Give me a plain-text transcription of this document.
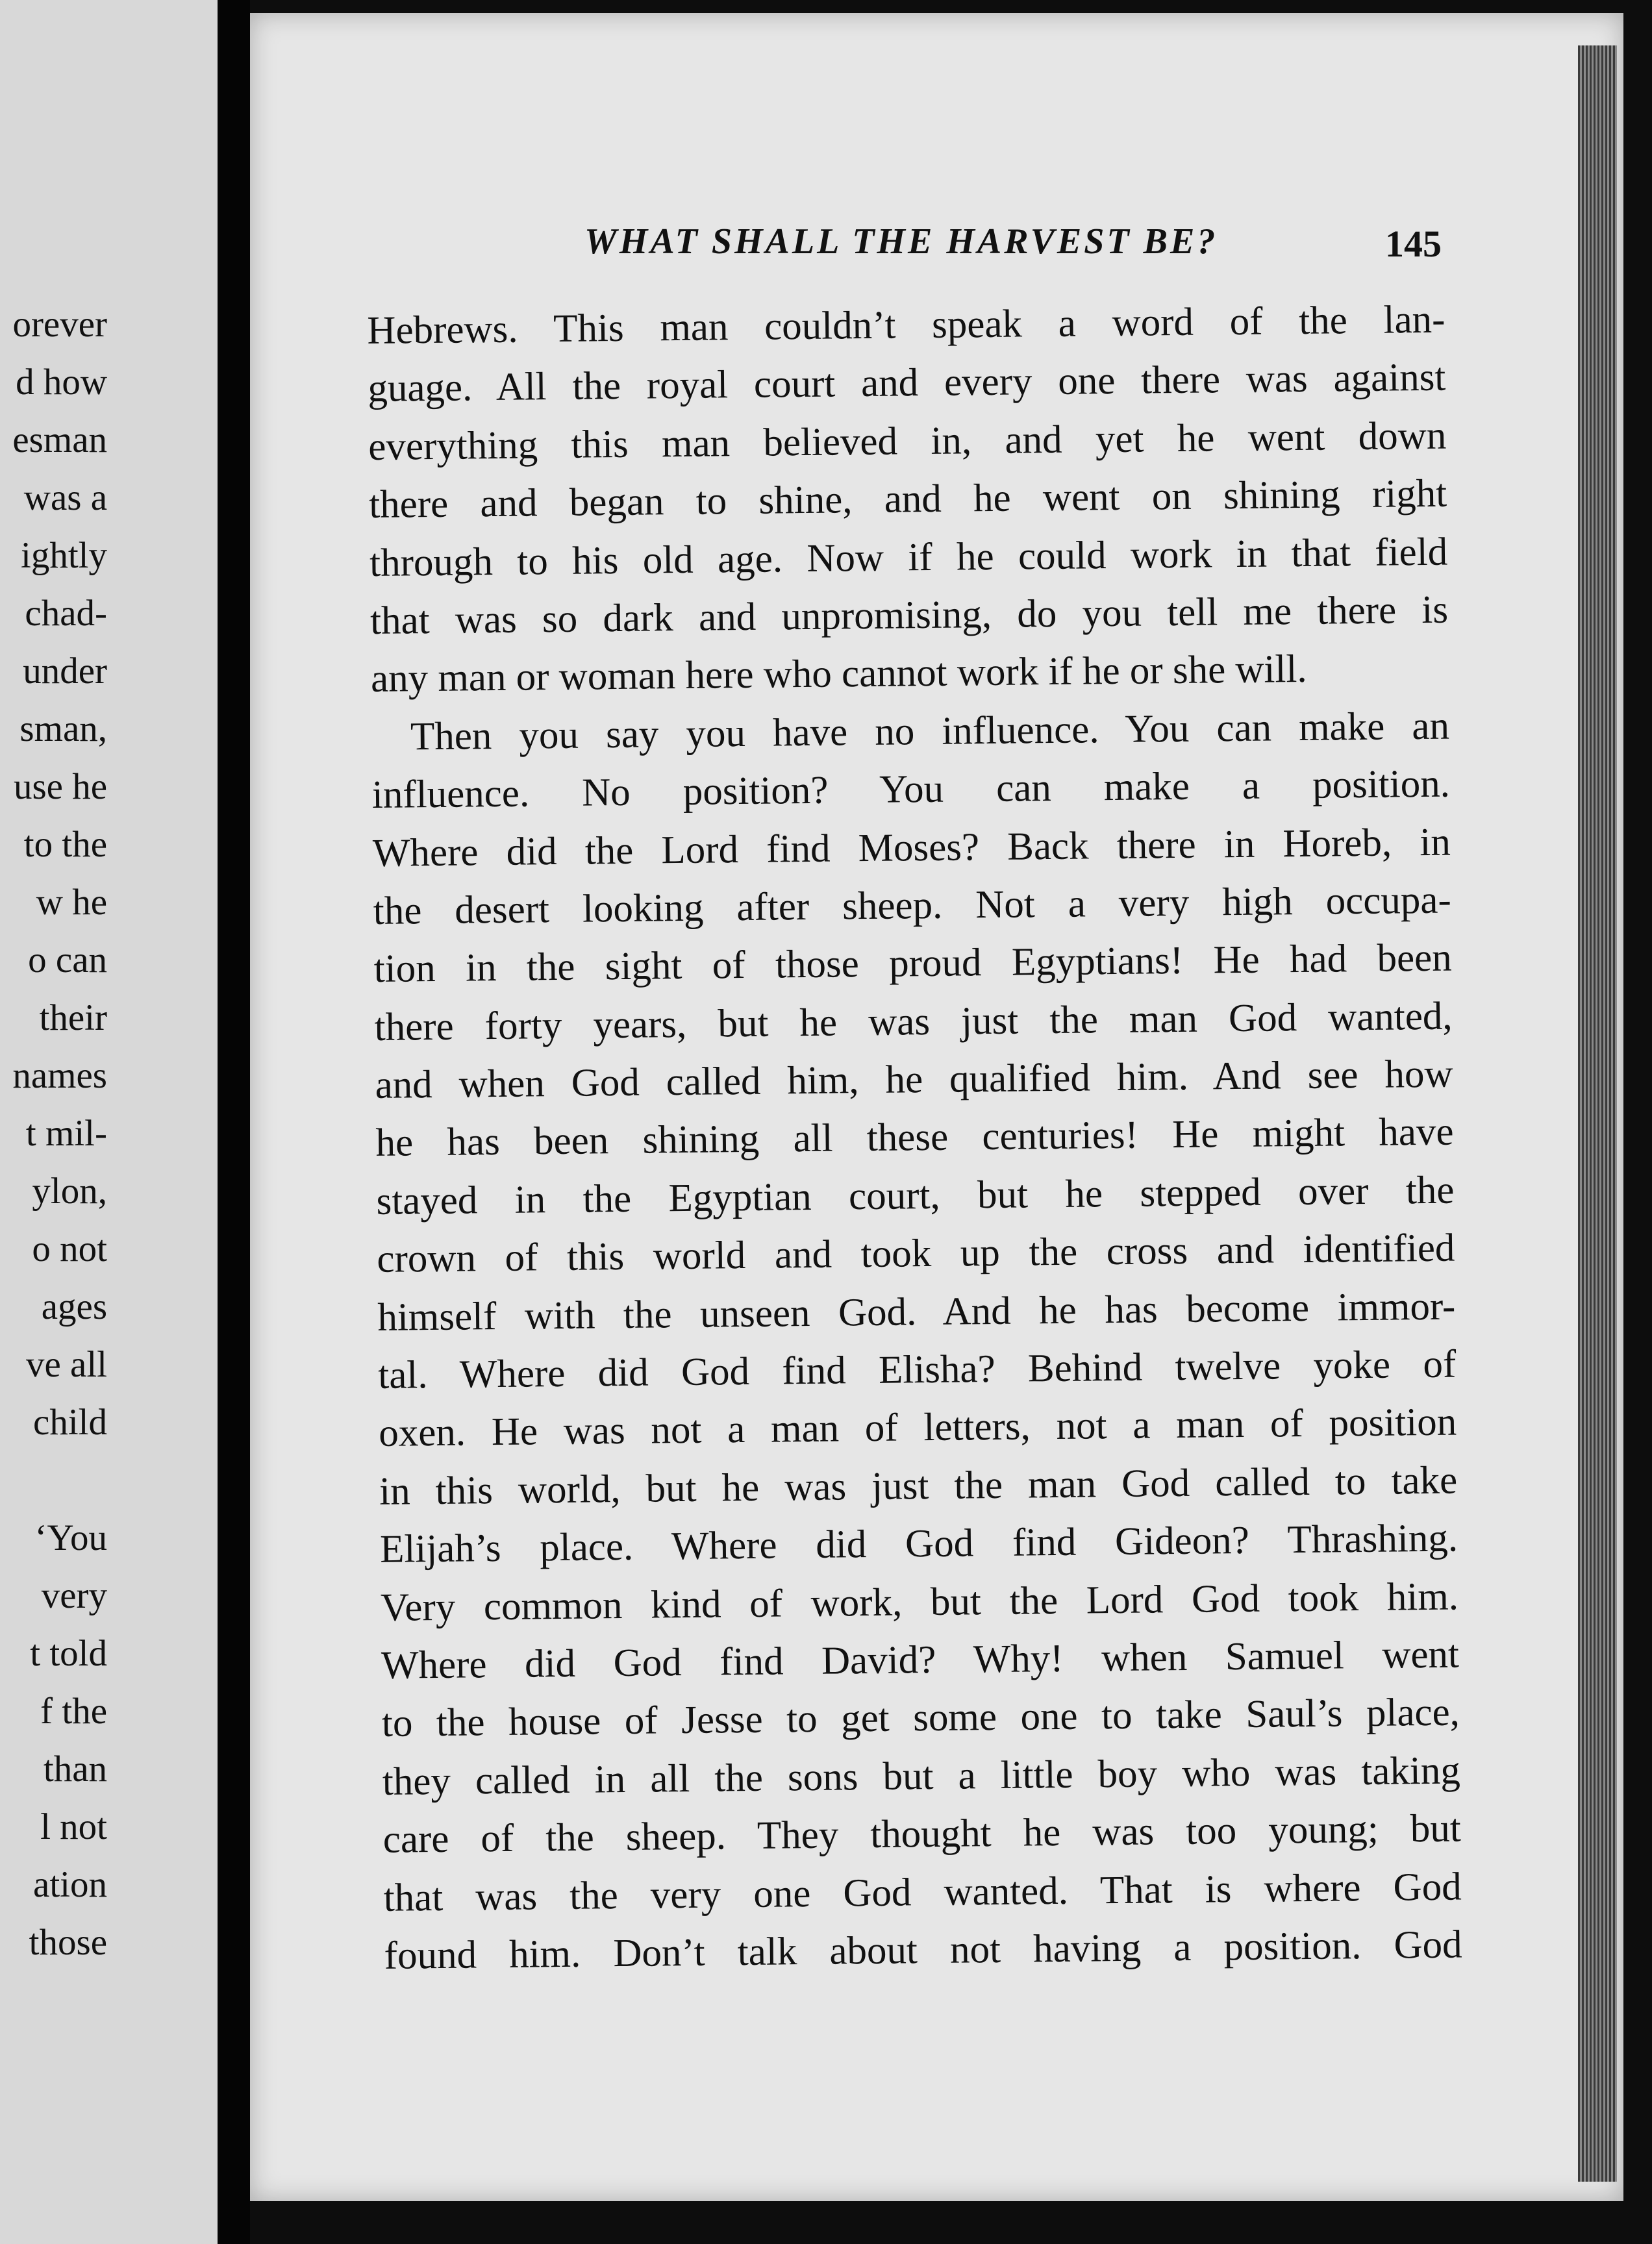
orever
d how
esman
was a
ightly
chad-
under
sman,
use he
to the
w he
o can
their
names
t mil-
ylon,
o not
ages
ve all
child
‘You
very
t told
f the
than
l not
ation
those
WHAT SHALL THE HARVEST BE?	145
Hebrews. This man couldn’t speak a word of the lan-
guage. All the royal court and every one there was against
everything this man believed in, and yet he went down
there and began to shine, and he went on shining right
through to his old age. Now if he could work in that field
that was so dark and unpromising, do you tell me there is
any man or woman here who cannot work if he or she will.
Then you say you have no influence. You can make an
influence. No position? You can make a position.
Where did the Lord find Moses? Back there in Horeb, in
the desert looking after sheep. Not a very high occupa-
tion in the sight of those proud Egyptians! He had been
there forty years, but he was just the man God wanted,
and when God called him, he qualified him. And see how
he has been shining all these centuries! He might have
stayed in the Egyptian court, but he stepped over the
crown of this world and took up the cross and identified
himself with the unseen God. And he has become immor-
tal. Where did God find Elisha? Behind twelve yoke of
oxen. He was not a man of letters, not a man of position
in this world, but he was just the man God called to take
Elijah’s place. Where did God find Gideon? Thrashing.
Very common kind of work, but the Lord God took him.
Where did God find David? Why! when Samuel went
to the house of Jesse to get some one to take Saul’s place,
they called in all the sons but a little boy who was taking
care of the sheep. They thought he was too young; but
that was the very one God wanted. That is where God
found him. Don’t talk about not having a position. God
